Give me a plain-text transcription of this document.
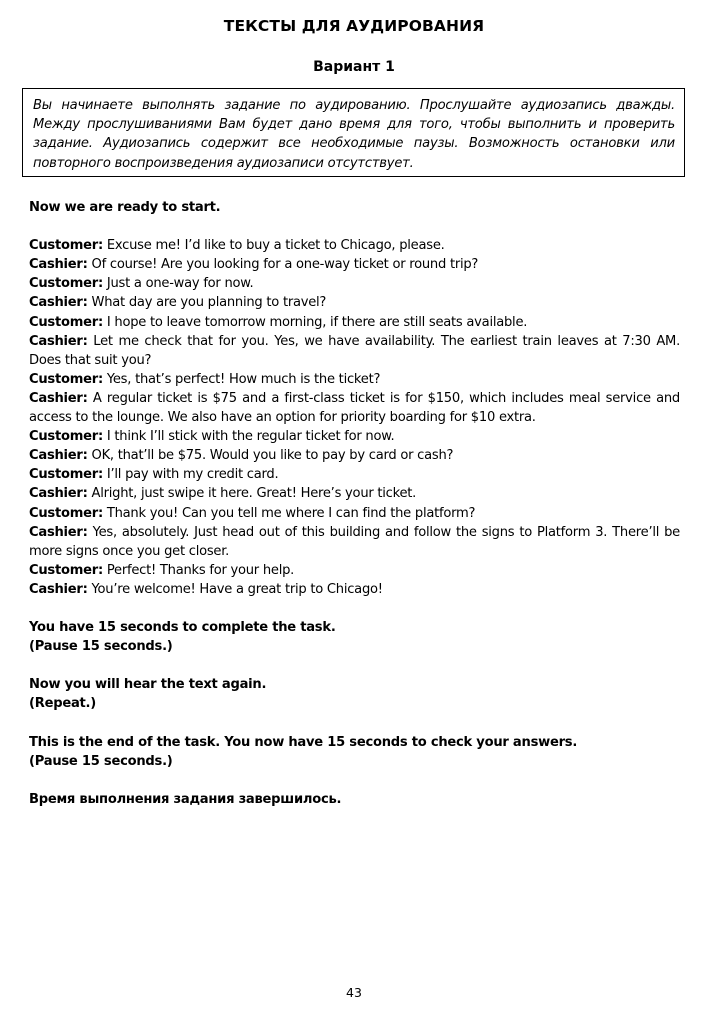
ТЕКСТЫ ДЛЯ АУДИРОВАНИЯ
Вариант 1
Вы начинаете выполнять задание по аудированию. Прослушайте аудиозапись дважды. Между прослушиваниями Вам будет дано время для того, чтобы выполнить и проверить задание. Аудиозапись содержит все необходимые паузы. Возможность остановки или повторного воспроизведения аудиозаписи отсутствует.
Now we are ready to start.
Customer: Excuse me! I’d like to buy a ticket to Chicago, please.
Cashier: Of course! Are you looking for a one-way ticket or round trip?
Customer: Just a one-way for now.
Cashier: What day are you planning to travel?
Customer: I hope to leave tomorrow morning, if there are still seats available.
Cashier: Let me check that for you. Yes, we have availability. The earliest train leaves at 7:30 AM. Does that suit you?
Customer: Yes, that’s perfect! How much is the ticket?
Cashier: A regular ticket is $75 and a first-class ticket is for $150, which includes meal service and access to the lounge. We also have an option for priority boarding for $10 extra.
Customer: I think I’ll stick with the regular ticket for now.
Cashier: OK, that’ll be $75. Would you like to pay by card or cash?
Customer: I’ll pay with my credit card.
Cashier: Alright, just swipe it here. Great! Here’s your ticket.
Customer: Thank you! Can you tell me where I can find the platform?
Cashier: Yes, absolutely. Just head out of this building and follow the signs to Platform 3. There’ll be more signs once you get closer.
Customer: Perfect! Thanks for your help.
Cashier: You’re welcome! Have a great trip to Chicago!
You have 15 seconds to complete the task.
(Pause 15 seconds.)
Now you will hear the text again.
(Repeat.)
This is the end of the task. You now have 15 seconds to check your answers.
(Pause 15 seconds.)
Время выполнения задания завершилось.
43
